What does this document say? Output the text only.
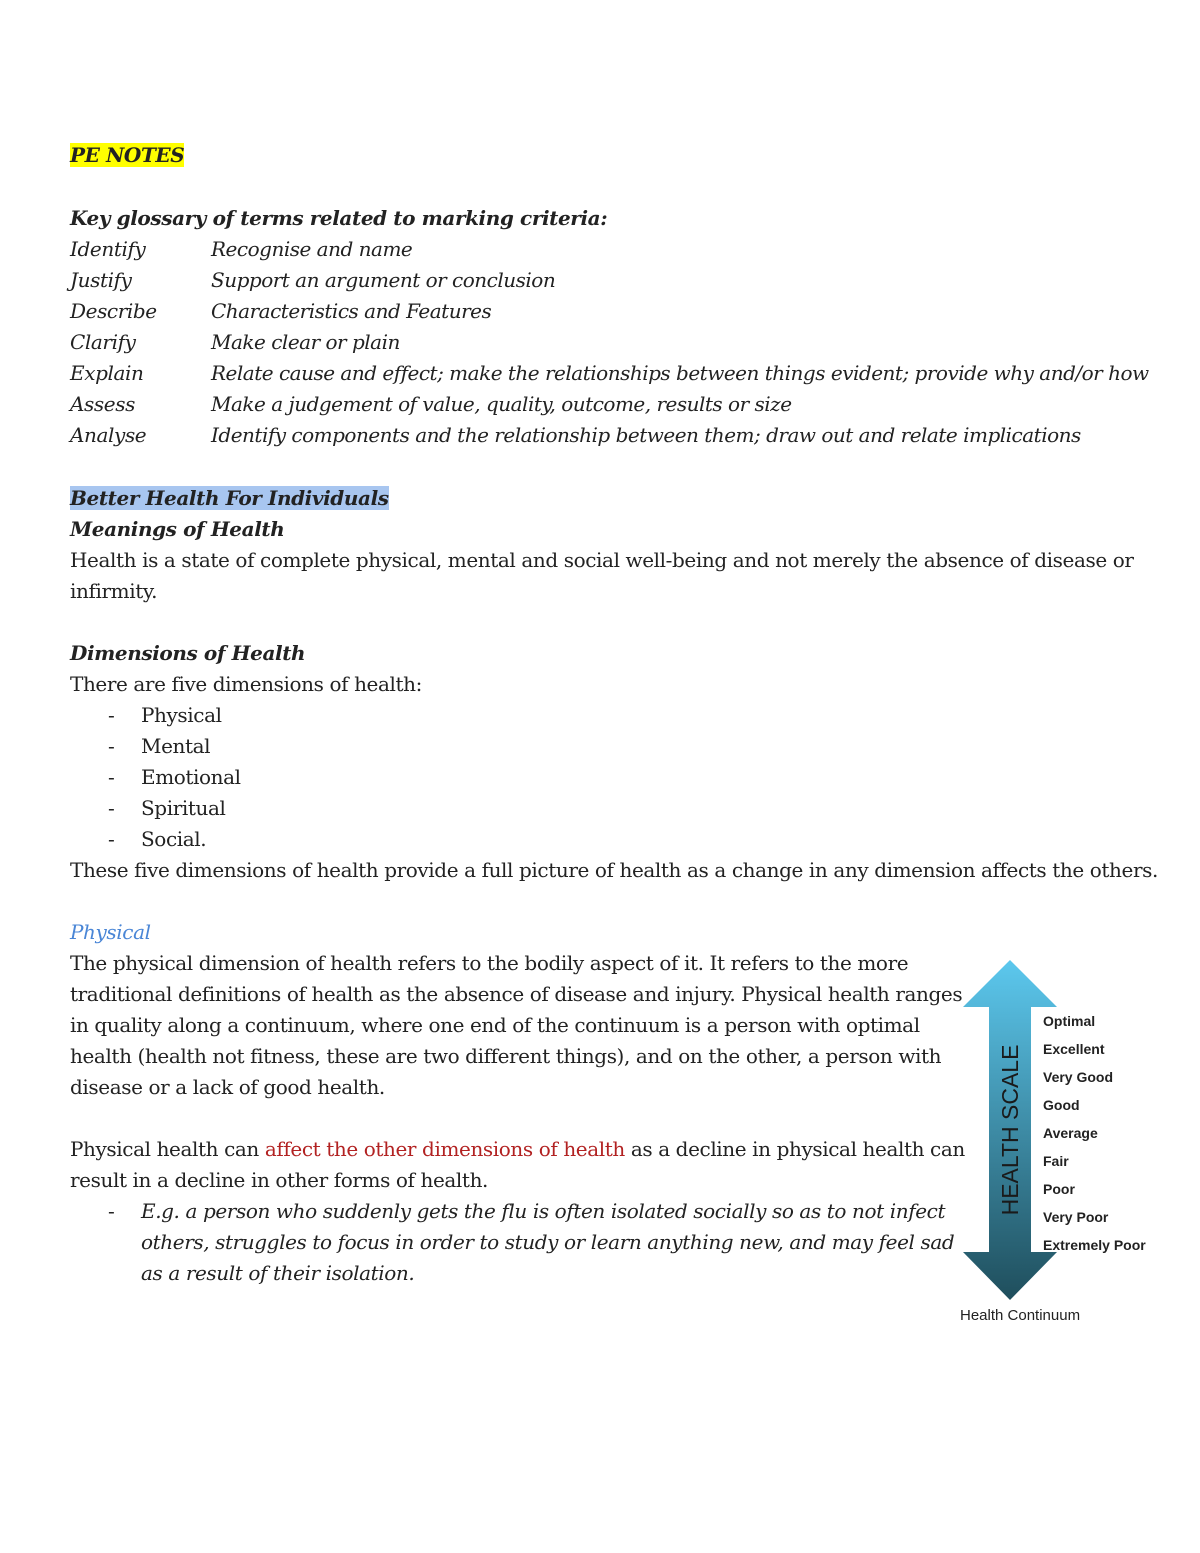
PE NOTES
Key glossary of terms related to marking criteria:
Identify	Recognise and name
Justify	Support an argument or conclusion
Describe	Characteristics and Features
Clarify	Make clear or plain
Explain	Relate cause and effect; make the relationships between things evident; provide why and/or how
Assess	Make a judgement of value, quality, outcome, results or size
Analyse	Identify components and the relationship between them; draw out and relate implications
Better Health For Individuals
Meanings of Health
Health is a state of complete physical, mental and social well-being and not merely the absence of disease or
infirmity.
Dimensions of Health
There are five dimensions of health:
- Physical
- Mental
- Emotional
- Spiritual
- Social.
These five dimensions of health provide a full picture of health as a change in any dimension affects the others.
Physical
The physical dimension of health refers to the bodily aspect of it. It refers to the more
traditional definitions of health as the absence of disease and injury. Physical health ranges
in quality along a continuum, where one end of the continuum is a person with optimal
health (health not fitness, these are two different things), and on the other, a person with
disease or a lack of good health.
Physical health can affect the other dimensions of health as a decline in physical health can
result in a decline in other forms of health.
- E.g. a person who suddenly gets the flu is often isolated socially so as to not infect
others, struggles to focus in order to study or learn anything new, and may feel sad
as a result of their isolation.
HEALTH SCALE
Optimal
Excellent
Very Good
Good
Average
Fair
Poor
Very Poor
Extremely Poor
Health Continuum
